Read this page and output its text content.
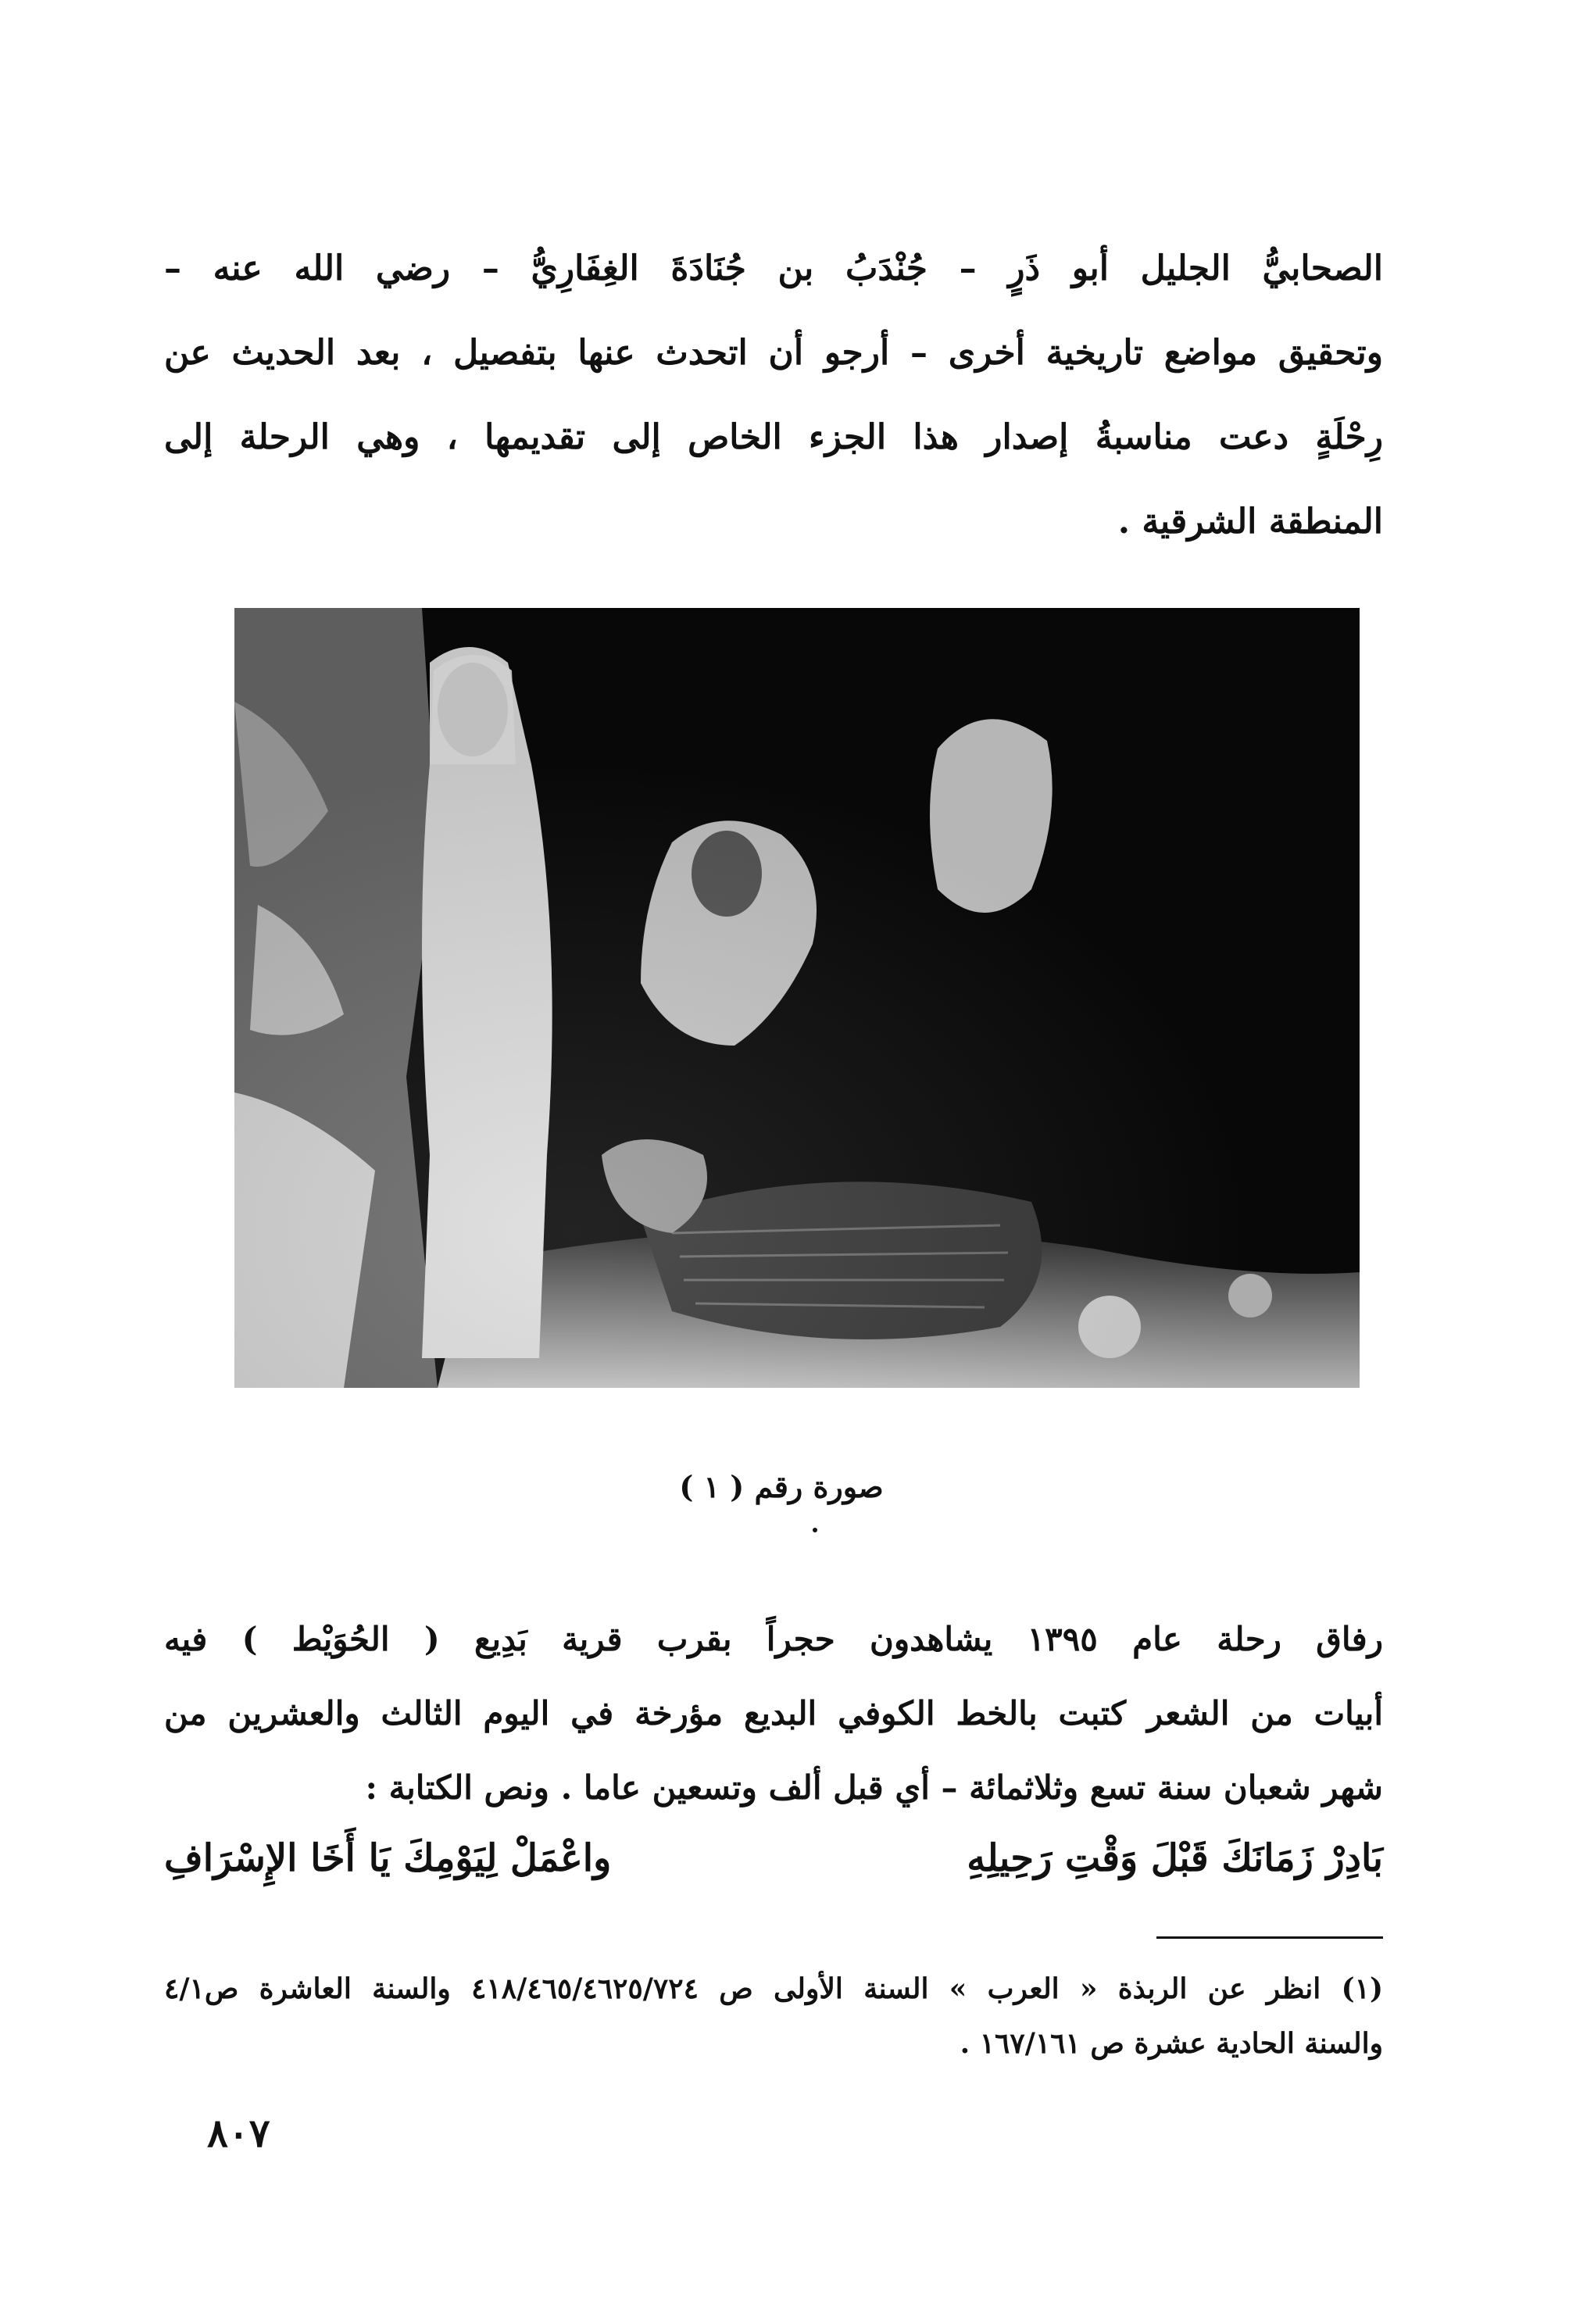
الصحابيُّ الجليل أبو ذَرٍ – جُنْدَبُ بن جُنَادَةَ الغِفَارِيُّ – رضي الله عنه –
وتحقيق مواضع تاريخية أخرى – أرجو أن اتحدث عنها بتفصيل ، بعد الحديث عن
رِحْلَةٍ دعت مناسبةُ إصدار هذا الجزء الخاص إلى تقديمها ، وهي الرحلة إلى
المنطقة الشرقية .
صورة رقم ( ١ )
رفاق رحلة عام ١٣٩٥ يشاهدون حجراً بقرب قرية بَدِيع ( الحُوَيْط ) فيه
أبيات من الشعر كتبت بالخط الكوفي البديع مؤرخة في اليوم الثالث والعشرين من
شهر شعبان سنة تسع وثلاثمائة – أي قبل ألف وتسعين عاما . ونص الكتابة :
بَادِرْ زَمَانَكَ قَبْلَ وَقْتِ رَحِيلِهِ
واعْمَلْ لِيَوْمِكَ يَا أَخَا الإِسْرَافِ
(١) انظر عن الربذة « العرب » السنة الأولى ص ٤١٨/٤٦٥/٤٦٢٥/٧٢٤ والسنة العاشرة ص٤/١
والسنة الحادية عشرة ص ١٦٧/١٦١ .
٨٠٧
